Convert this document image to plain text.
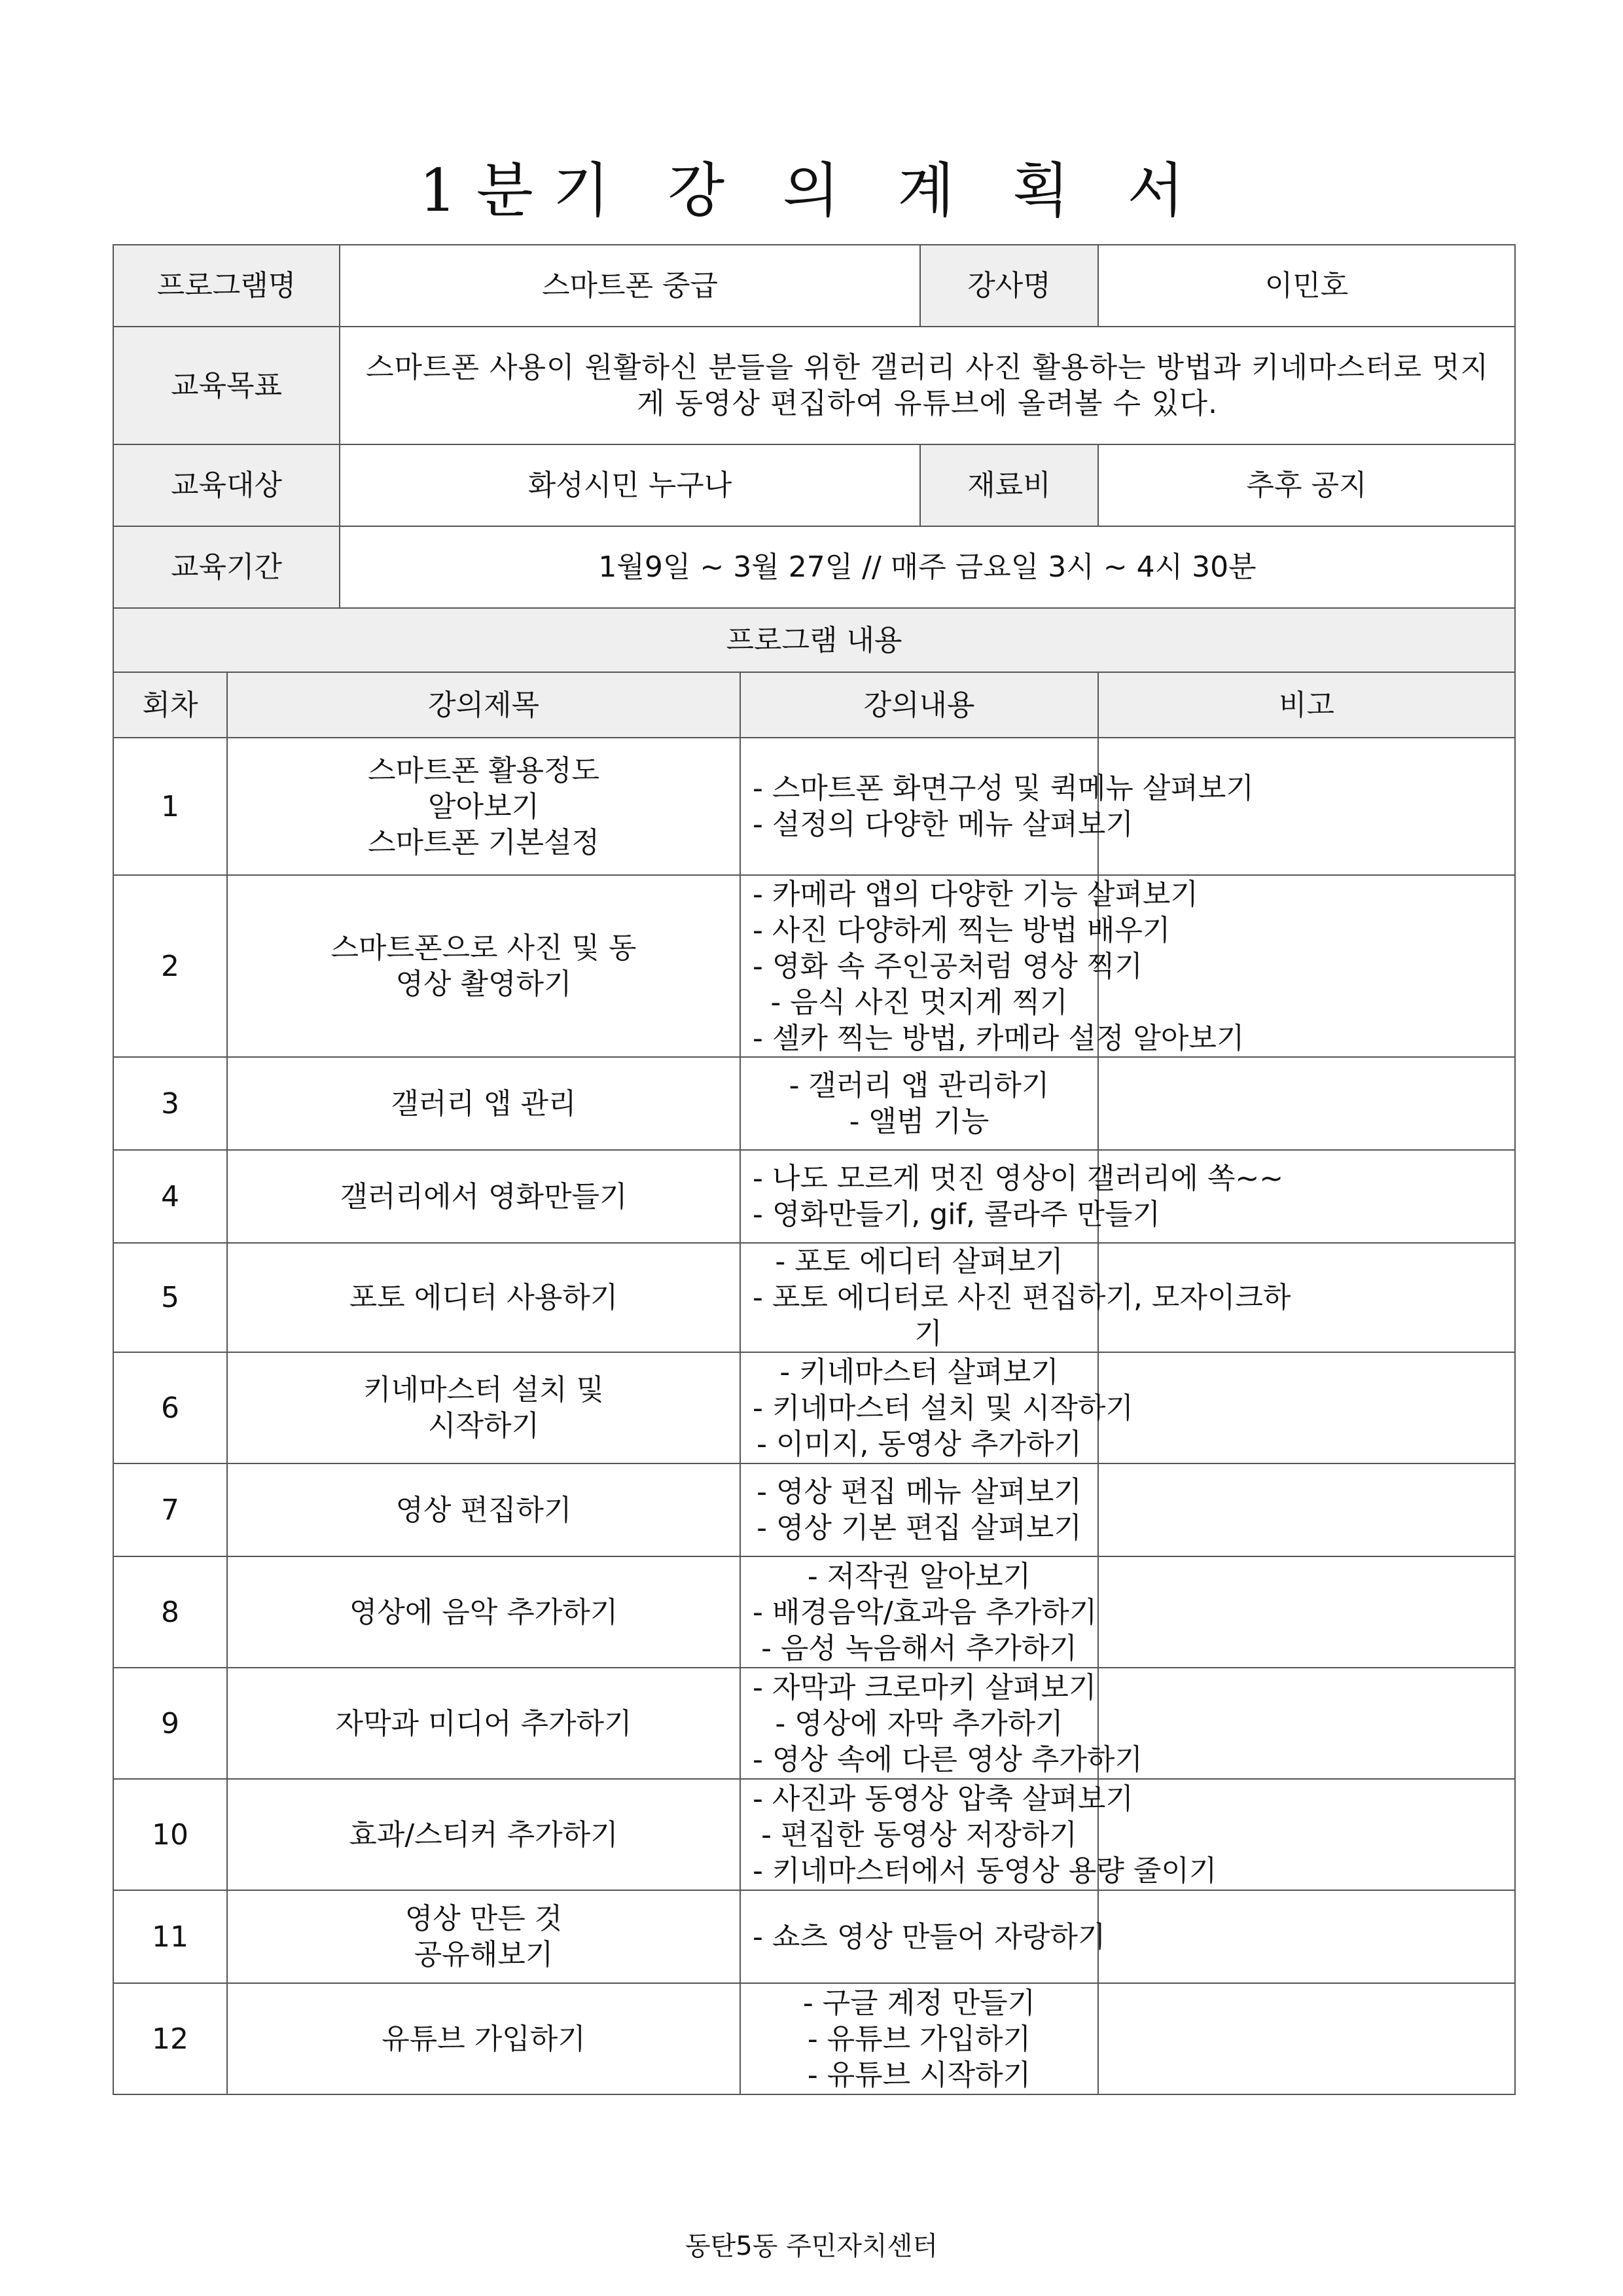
1분기 강 의 계 획 서
프로그램명		스마트폰 중급		강사명	이민호
교육목표		스마트폰 사용이 원활하신 분들을 위한 갤러리 사진 활용하는 방법과 키네마스터로 멋지게 동영상 편집하여 유튜브에 올려볼 수 있다.			
교육대상		화성시민 누구나		재료비	추후 공지
교육기간		1월9일 ~ 3월 27일 // 매주 금요일 3시 ~ 4시 30분			
프로그램 내용					
회차	강의제목		강의내용		비고
1	스마트폰 활용정도
알아보기
스마트폰 기본설정		- 스마트폰 화면구성 및 퀵메뉴 살펴보기
- 설정의 다양한 메뉴 살펴보기		

2	스마트폰으로 사진 및 동
영상 촬영하기		- 카메라 앱의 다양한 기능 살펴보기
- 사진 다양하게 찍는 방법 배우기
- 영화 속 주인공처럼 영상 찍기
- 음식 사진 멋지게 찍기
- 셀카 찍는 방법, 카메라 설정 알아보기		

3	갤러리 앱 관리		- 갤러리 앱 관리하기
- 앨범 기능		

4	갤러리에서 영화만들기		- 나도 모르게 멋진 영상이 갤러리에 쏙~~
- 영화만들기, gif, 콜라주 만들기		

5	포토 에디터 사용하기		- 포토 에디터 살펴보기
- 포토 에디터로 사진 편집하기, 모자이크하
기		

6	키네마스터 설치 및
시작하기		- 키네마스터 살펴보기
- 키네마스터 설치 및 시작하기
- 이미지, 동영상 추가하기		

7	영상 편집하기		- 영상 편집 메뉴 살펴보기
- 영상 기본 편집 살펴보기		

8	영상에 음악 추가하기		- 저작권 알아보기
- 배경음악/효과음 추가하기
- 음성 녹음해서 추가하기		

9	자막과 미디어 추가하기		- 자막과 크로마키 살펴보기
- 영상에 자막 추가하기
- 영상 속에 다른 영상 추가하기		

10	효과/스티커 추가하기		- 사진과 동영상 압축 살펴보기
- 편집한 동영상 저장하기
- 키네마스터에서 동영상 용량 줄이기		

11	영상 만든 것
공유해보기		- 쇼츠 영상 만들어 자랑하기		

12	유튜브 가입하기		- 구글 계정 만들기
- 유튜브 가입하기
- 유튜브 시작하기		

동탄5동 주민자치센터
